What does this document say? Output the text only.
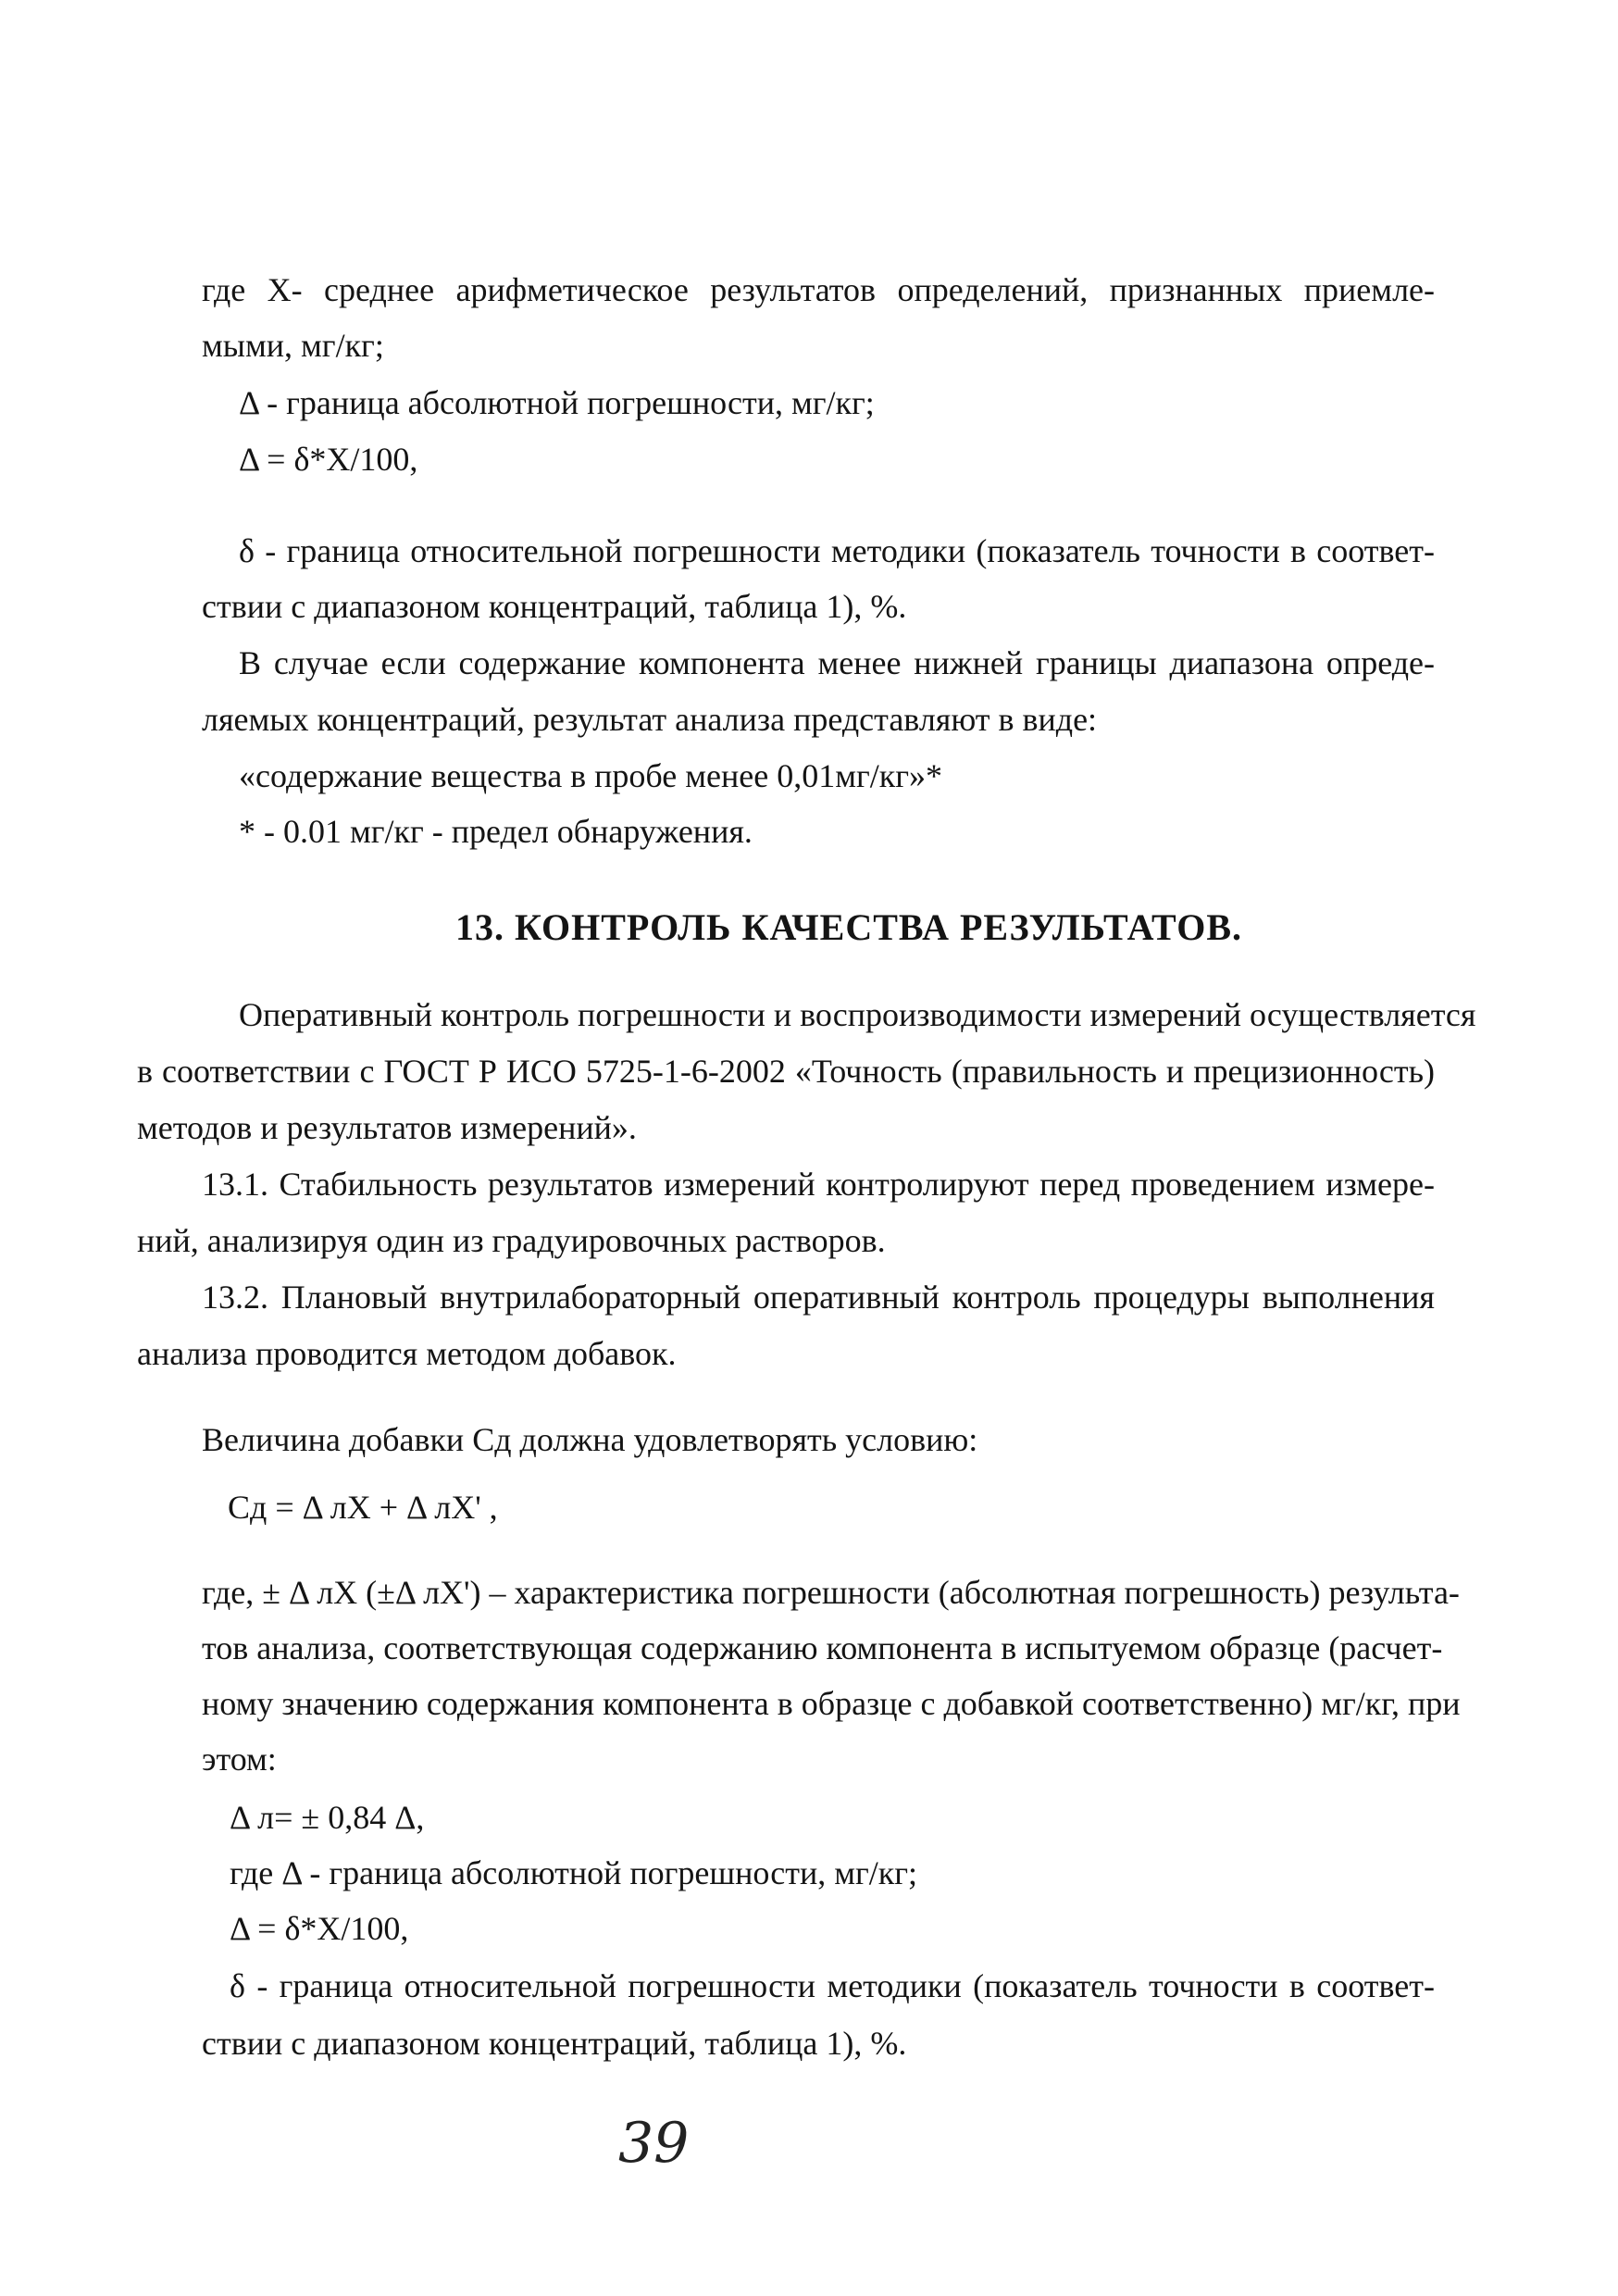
где X- среднее арифметическое результатов определений, признанных приемле-
мыми, мг/кг;
Δ - граница абсолютной погрешности, мг/кг;
Δ = δ*X/100,
δ - граница относительной погрешности методики (показатель точности в соответ-
ствии с диапазоном концентраций, таблица 1), %.
В случае если содержание компонента менее нижней границы диапазона опреде-
ляемых концентраций, результат анализа представляют в виде:
«содержание вещества в пробе менее 0,01мг/кг»*
* - 0.01 мг/кг - предел обнаружения.
13. КОНТРОЛЬ КАЧЕСТВА РЕЗУЛЬТАТОВ.
Оперативный контроль погрешности и воспроизводимости измерений осуществляется
в соответствии с ГОСТ Р ИСО 5725-1-6-2002 «Точность (правильность и прецизионность)
методов и результатов измерений».
13.1. Стабильность результатов измерений контролируют перед проведением измере-
ний, анализируя один из градуировочных растворов.
13.2. Плановый внутрилабораторный оперативный контроль процедуры выполнения
анализа проводится методом добавок.
Величина добавки Сд должна удовлетворять условию:
Сд = Δ лX + Δ лX' ,
где, ± Δ лX (±Δ лX') – характеристика погрешности (абсолютная погрешность) результа-
тов анализа, соответствующая содержанию компонента в испытуемом образце (расчет-
ному значению содержания компонента в образце с добавкой соответственно) мг/кг, при
этом:
Δ л= ± 0,84 Δ,
где Δ - граница абсолютной погрешности, мг/кг;
Δ = δ*X/100,
δ - граница относительной погрешности методики (показатель точности в соответ-
ствии с диапазоном концентраций, таблица 1), %.
39
